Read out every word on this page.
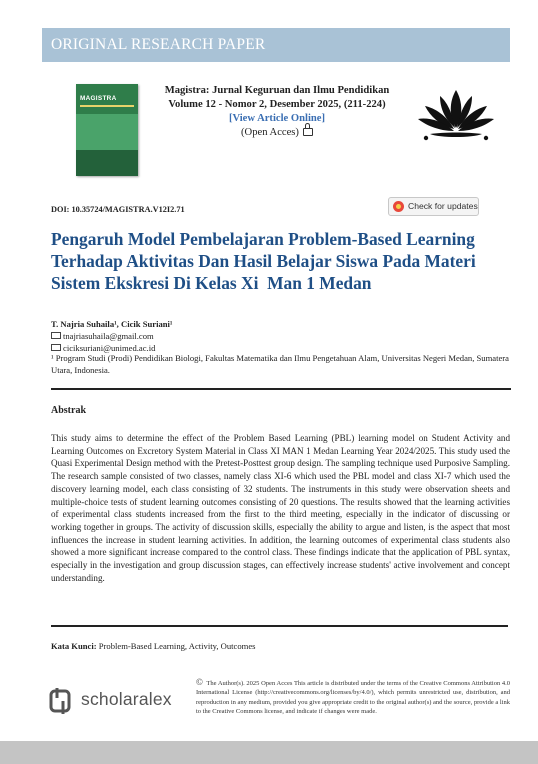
ORIGINAL RESEARCH PAPER
MAGISTRA
Magistra: Jurnal Keguruan dan Ilmu Pendidikan
Volume 12 - Nomor 2, Desember 2025, (211-224)
[View Article Online]
(Open Acces)
DOI: 10.35724/MAGISTRA.V12I2.71	Check for updates
Pengaruh Model Pembelajaran Problem-Based Learning
Terhadap Aktivitas Dan Hasil Belajar Siswa Pada Materi
Sistem Ekskresi Di Kelas Xi  Man 1 Medan
T. Najria Suhaila¹, Cicik Suriani¹
tnajriasuhaila@gmail.com
ciciksuriani@unimed.ac.id
¹ Program Studi (Prodi) Pendidikan Biologi, Fakultas Matematika dan Ilmu Pengetahuan Alam, Universitas Negeri Medan, Sumatera Utara, Indonesia.
Abstrak
This study aims to determine the effect of the Problem Based Learning (PBL) learning model on Student Activity and Learning Outcomes on Excretory System Material in Class XI MAN 1 Medan Learning Year 2024/2025. This study used the Quasi Experimental Design method with the Pretest-Posttest group design. The sampling technique used Purposive Sampling. The research sample consisted of two classes, namely class XI-6 which used the PBL model and class XI-7 which used the discovery learning model, each class consisting of 32 students. The instruments in this study were observation sheets and multiple-choice tests of student learning outcomes consisting of 20 questions. The results showed that the learning activities of experimental class students increased from the first to the third meeting, especially in the indicator of discussing or working together in groups. The activity of discussion skills, especially the ability to argue and listen, is the aspect that most influences the increase in student learning activities. In addition, the learning outcomes of experimental class students also showed a more significant increase compared to the control class. These findings indicate that the application of PBL syntax, especially in the investigation and group discussion stages, can effectively increase students' active involvement and concept understanding.
Kata Kunci: Problem-Based Learning, Activity, Outcomes
scholaralex
© The Author(s). 2025 Open Acces This article is distributed under the terms of the Creative Commons Attribution 4.0 International License (http://creativecommons.org/licenses/by/4.0/), which permits unrestricted use, distribution, and reproduction in any medium, provided you give appropriate credit to the original author(s) and the source, provide a link to the Creative Commons license, and indicate if changes were made.
